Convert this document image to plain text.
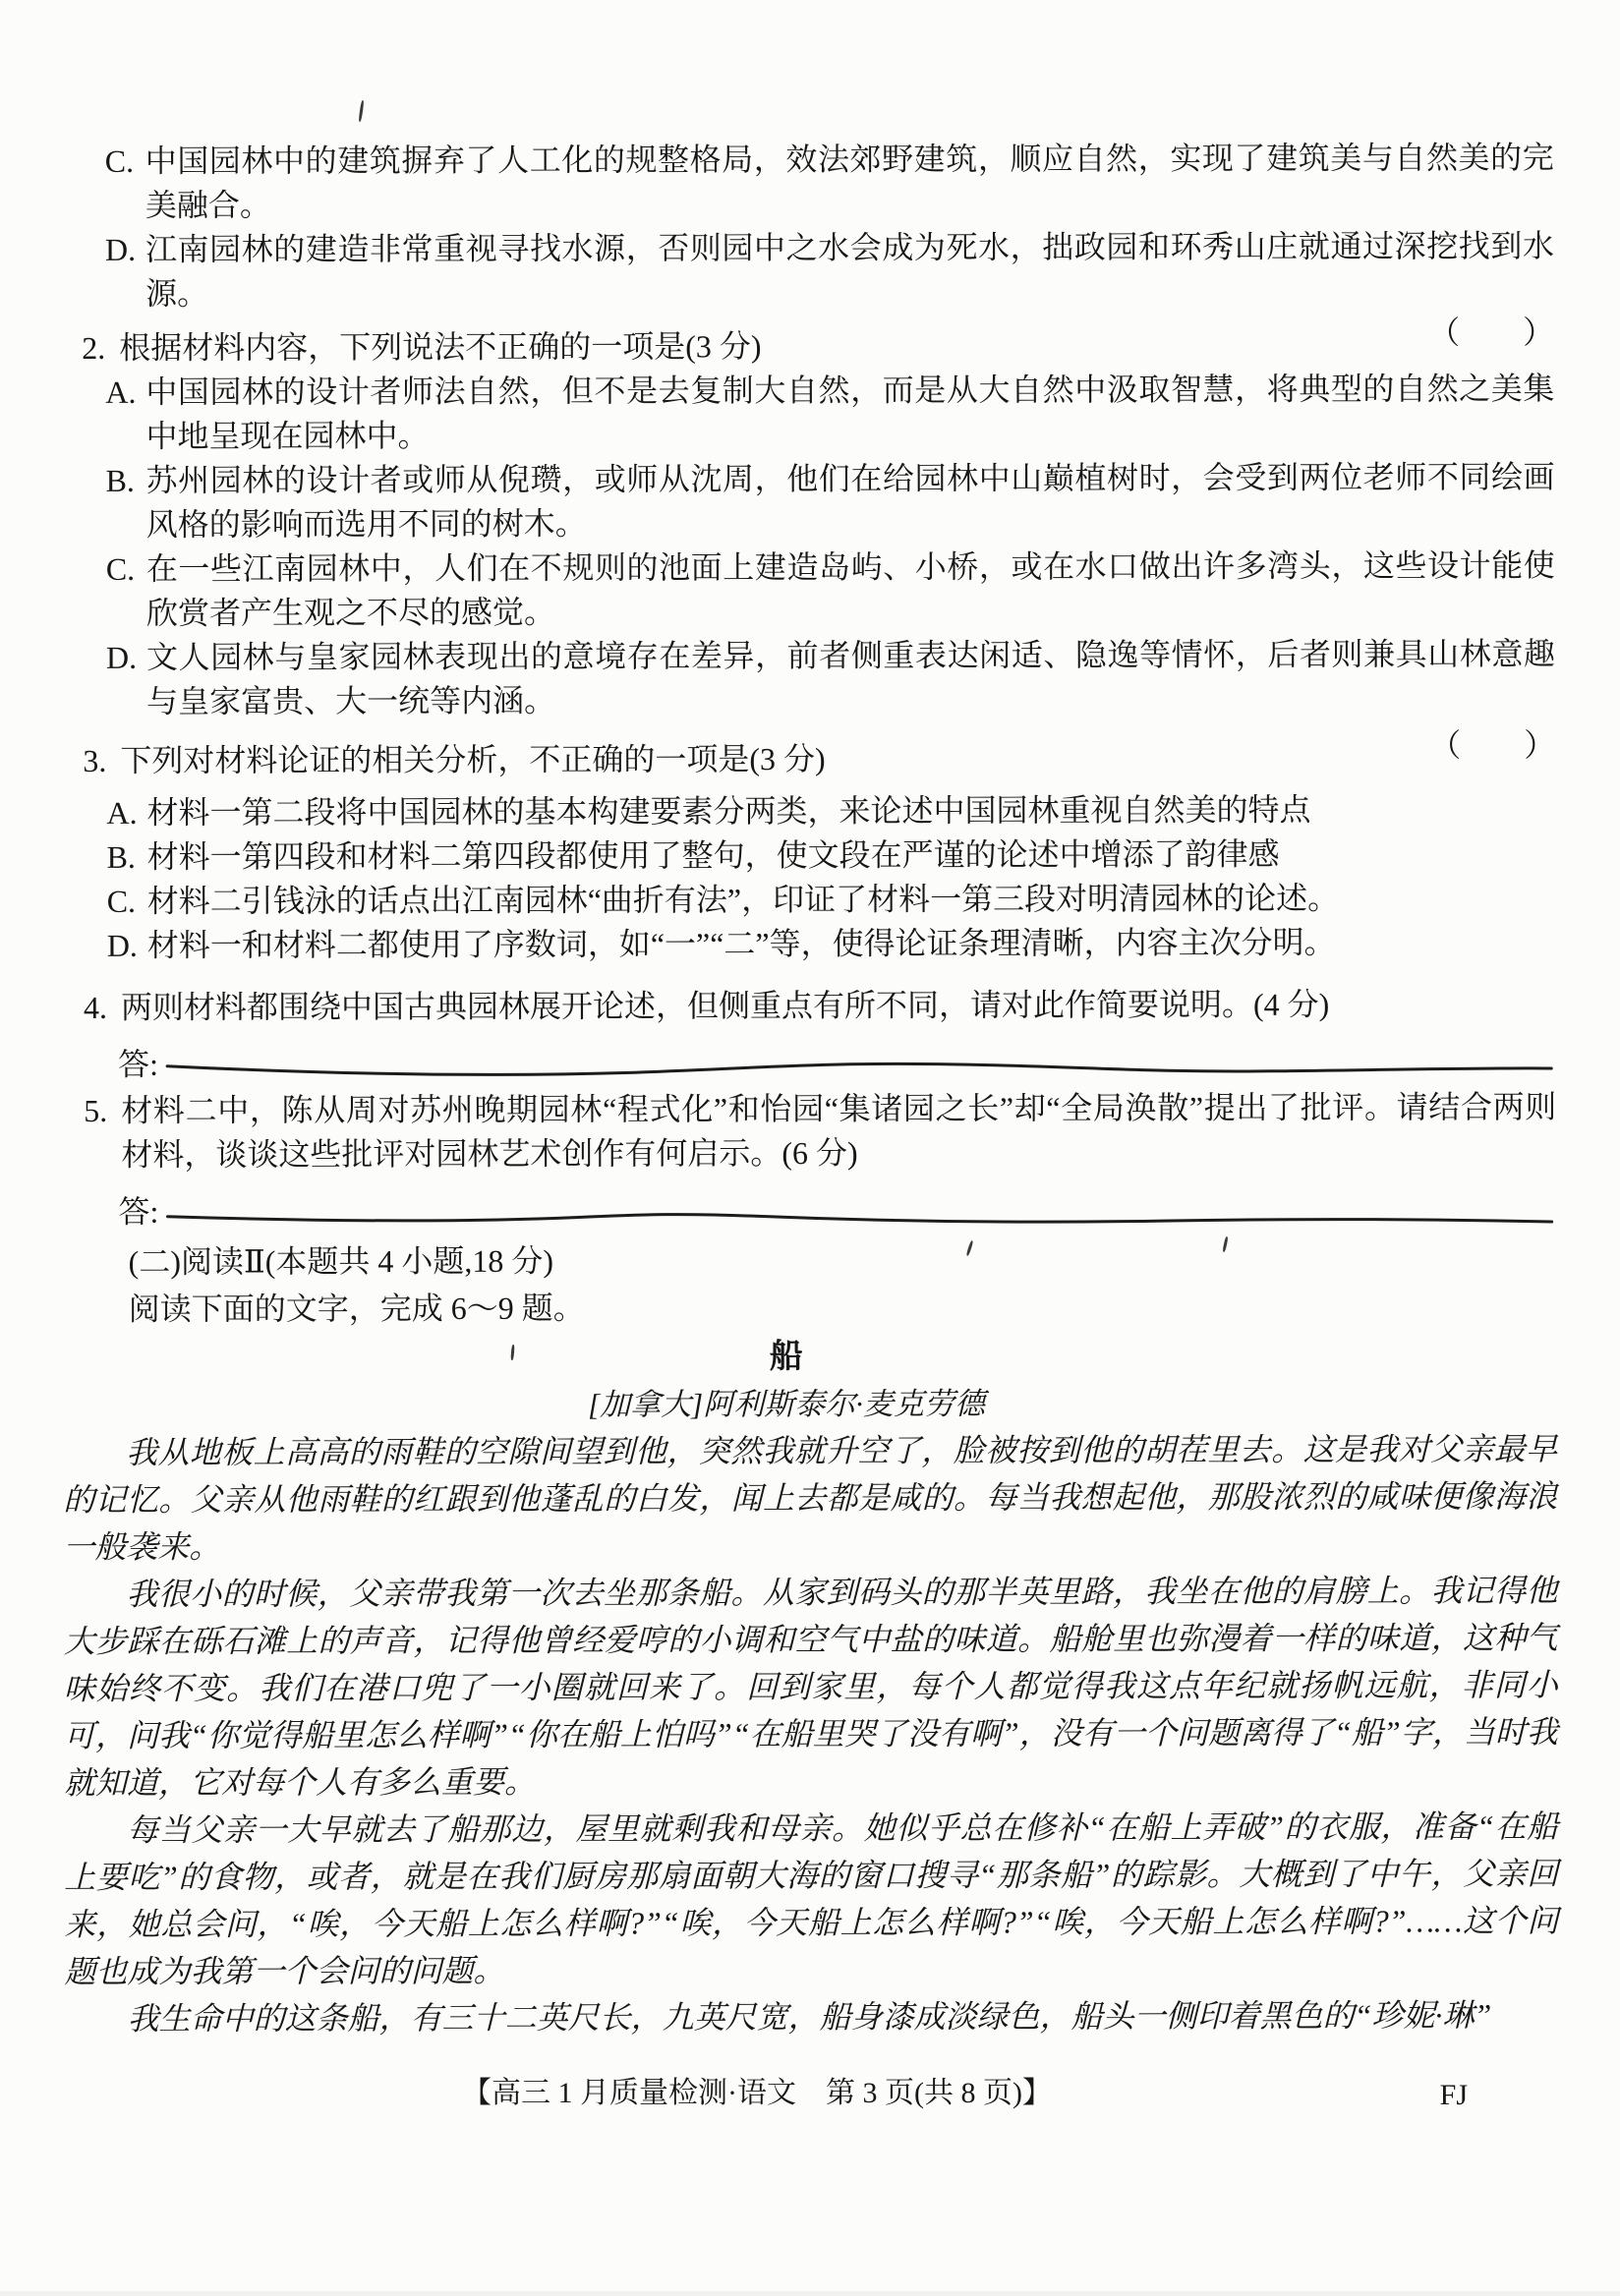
C. 中国园林中的建筑摒弃了人工化的规整格局，效法郊野建筑，顺应自然，实现了建筑美与自然美的完美融合。
D. 江南园林的建造非常重视寻找水源，否则园中之水会成为死水，拙政园和环秀山庄就通过深挖找到水源。
2.	（　　）
根据材料内容，下列说法不正确的一项是(3 分)
A. 中国园林的设计者师法自然，但不是去复制大自然，而是从大自然中汲取智慧，将典型的自然之美集中地呈现在园林中。
B. 苏州园林的设计者或师从倪瓒，或师从沈周，他们在给园林中山巅植树时，会受到两位老师不同绘画风格的影响而选用不同的树木。
C. 在一些江南园林中，人们在不规则的池面上建造岛屿、小桥，或在水口做出许多湾头，这些设计能使欣赏者产生观之不尽的感觉。
D. 文人园林与皇家园林表现出的意境存在差异，前者侧重表达闲适、隐逸等情怀，后者则兼具山林意趣与皇家富贵、大一统等内涵。
3.	（　　）
下列对材料论证的相关分析，不正确的一项是(3 分)
A. 材料一第二段将中国园林的基本构建要素分两类，来论述中国园林重视自然美的特点
B. 材料一第四段和材料二第四段都使用了整句，使文段在严谨的论述中增添了韵律感
C. 材料二引钱泳的话点出江南园林“曲折有法”，印证了材料一第三段对明清园林的论述。
D. 材料一和材料二都使用了序数词，如“一”“二”等，使得论证条理清晰，内容主次分明。
4. 两则材料都围绕中国古典园林展开论述，但侧重点有所不同，请对此作简要说明。(4 分)
答:
5. 材料二中，陈从周对苏州晚期园林“程式化”和怡园“集诸园之长”却“全局涣散”提出了批评。请结合两则材料，谈谈这些批评对园林艺术创作有何启示。(6 分)
答:
(二)阅读Ⅱ(本题共 4 小题,18 分)
阅读下面的文字，完成 6～9 题。
船
[加拿大]阿利斯泰尔·麦克劳德

我从地板上高高的雨鞋的空隙间望到他，突然我就升空了，脸被按到他的胡茬里去。这是我对父亲最早的记忆。父亲从他雨鞋的红跟到他蓬乱的白发，闻上去都是咸的。每当我想起他，那股浓烈的咸味便像海浪一般袭来。

我很小的时候，父亲带我第一次去坐那条船。从家到码头的那半英里路，我坐在他的肩膀上。我记得他大步踩在砾石滩上的声音，记得他曾经爱哼的小调和空气中盐的味道。船舱里也弥漫着一样的味道，这种气味始终不变。我们在港口兜了一小圈就回来了。回到家里，每个人都觉得我这点年纪就扬帆远航，非同小可，问我“你觉得船里怎么样啊”“你在船上怕吗”“在船里哭了没有啊”，没有一个问题离得了“船”字，当时我就知道，它对每个人有多么重要。

每当父亲一大早就去了船那边，屋里就剩我和母亲。她似乎总在修补“在船上弄破”的衣服，准备“在船上要吃”的食物，或者，就是在我们厨房那扇面朝大海的窗口搜寻“那条船”的踪影。大概到了中午，父亲回来，她总会问，“唉，今天船上怎么样啊?”“唉，今天船上怎么样啊?”“唉，今天船上怎么样啊?”……这个问题也成为我第一个会问的问题。

我生命中的这条船，有三十二英尺长，九英尺宽，船身漆成淡绿色，船头一侧印着黑色的“珍妮·琳”

【高三 1 月质量检测·语文　第 3 页(共 8 页)】	FJ
